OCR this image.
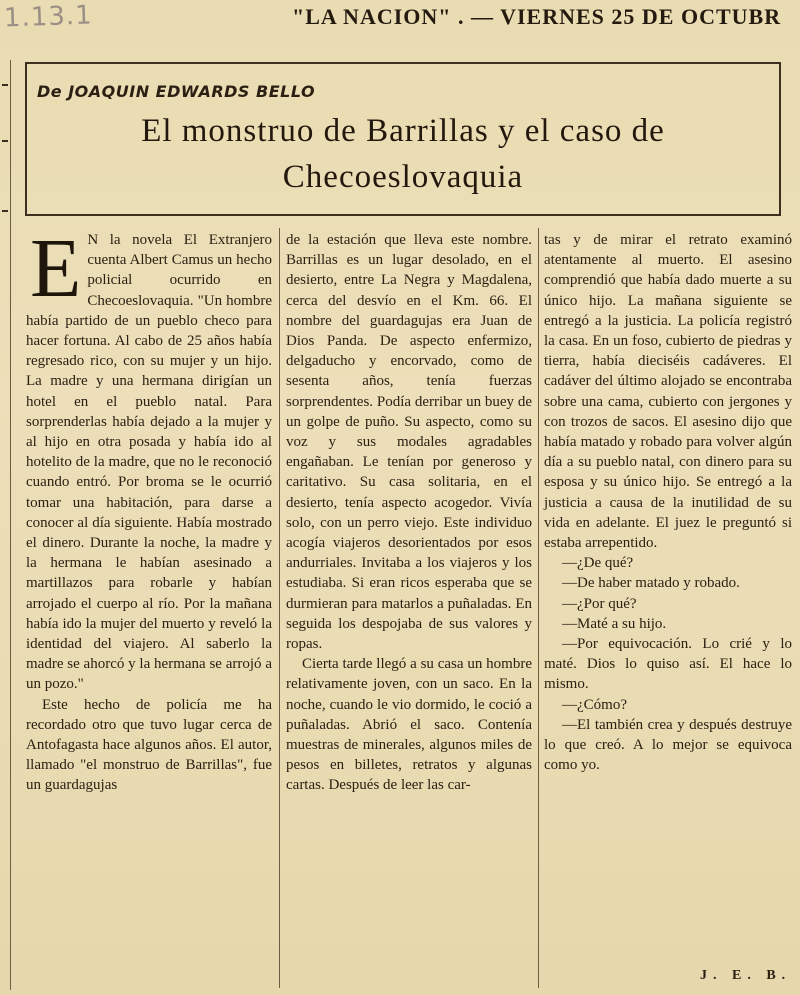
1.13.1	"LA NACION" . — VIERNES 25 DE OCTUBR
De JOAQUIN EDWARDS BELLO
El monstruo de Barrillas y el caso de
Checoeslovaquia

E N la novela El Extranjero cuenta Albert Camus un hecho policial ocurrido en Checoeslovaquia. "Un hombre había partido de un pueblo checo para hacer fortuna. Al cabo de 25 años había regresado rico, con su mujer y un hijo. La madre y una hermana dirigían un hotel en el pueblo natal. Para sorprenderlas había dejado a la mujer y al hijo en otra posada y había ido al hotelito de la madre, que no le reconoció cuando entró. Por broma se le ocurrió tomar una habitación, para darse a conocer al día siguiente. Había mostrado el dinero. Durante la noche, la madre y la hermana le habían asesinado a martillazos para robarle y habían arrojado el cuerpo al río. Por la mañana había ido la mujer del muerto y reveló la identidad del viajero. Al saberlo la madre se ahorcó y la hermana se arrojó a un pozo."

Este hecho de policía me ha recordado otro que tuvo lugar cerca de Antofagasta hace algunos años. El autor, llamado "el monstruo de Barrillas", fue un guardagujas

de la estación que lleva este nombre. Barrillas es un lugar desolado, en el desierto, entre La Negra y Magdalena, cerca del desvío en el Km. 66. El nombre del guardagujas era Juan de Dios Panda. De aspecto enfermizo, delgaducho y encorvado, como de sesenta años, tenía fuerzas sorprendentes. Podía derribar un buey de un golpe de puño. Su aspecto, como su voz y sus modales agradables engañaban. Le tenían por generoso y caritativo. Su casa solitaria, en el desierto, tenía aspecto acogedor. Vivía solo, con un perro viejo. Este individuo acogía viajeros desorientados por esos andurriales. Invitaba a los viajeros y los estudiaba. Si eran ricos esperaba que se durmieran para matarlos a puñaladas. En seguida los despojaba de sus valores y ropas.

Cierta tarde llegó a su casa un hombre relativamente joven, con un saco. En la noche, cuando le vio dormido, le coció a puñaladas. Abrió el saco. Contenía muestras de minerales, algunos miles de pesos en billetes, retratos y algunas cartas. Después de leer las car-

tas y de mirar el retrato examinó atentamente al muerto. El asesino comprendió que había dado muerte a su único hijo. La mañana siguiente se entregó a la justicia. La policía registró la casa. En un foso, cubierto de piedras y tierra, había dieciséis cadáveres. El cadáver del último alojado se encontraba sobre una cama, cubierto con jergones y con trozos de sacos. El asesino dijo que había matado y robado para volver algún día a su pueblo natal, con dinero para su esposa y su único hijo. Se entregó a la justicia a causa de la inutilidad de su vida en adelante. El juez le preguntó si estaba arrepentido.

—¿De qué?

—De haber matado y robado.

—¿Por qué?

—Maté a su hijo.

—Por equivocación. Lo crié y lo maté. Dios lo quiso así. El hace lo mismo.

—¿Cómo?

—El también crea y después destruye lo que creó. A lo mejor se equivoca como yo.

J. E. B.
